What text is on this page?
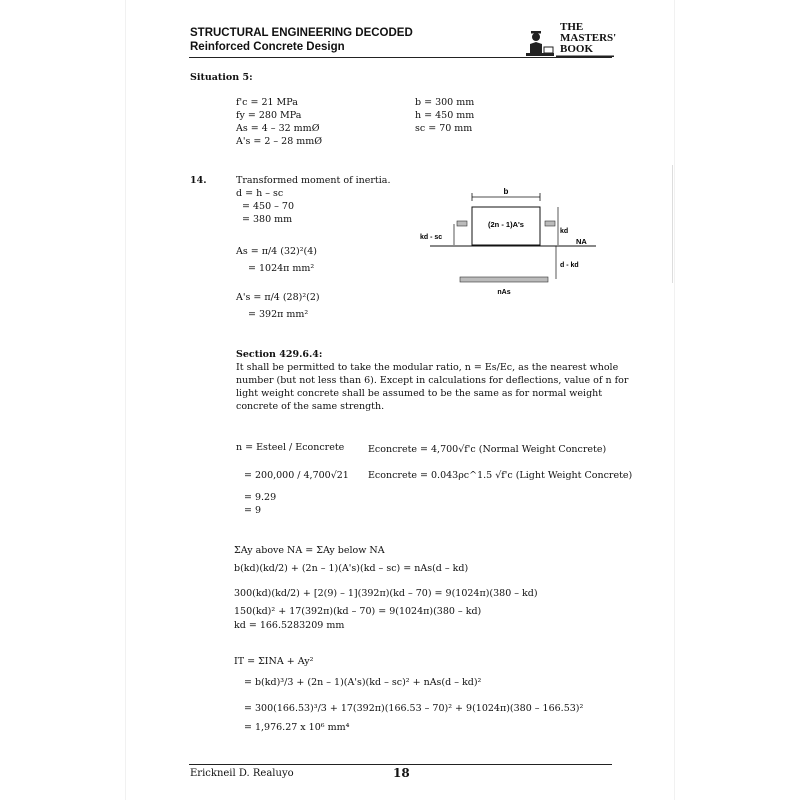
STRUCTURAL ENGINEERING DECODED
Reinforced Concrete Design
THE
MASTERS'
BOOK
Situation 5:
f'c = 21 MPa
fy = 280 MPa
As = 4 – 32 mmØ
A's = 2 – 28 mmØ
b = 300 mm
h = 450 mm
sc = 70 mm
14.	Transformed moment of inertia.
d = h – sc
= 450 – 70
= 380 mm
As = π/4 (32)²(4)
= 1024π mm²
A's = π/4 (28)²(2)
= 392π mm²
b
(2n - 1)A's
kd - sc
kd
NA
d - kd
nAs
Section 429.6.4:
It shall be permitted to take the modular ratio, n = Es/Ec, as the nearest whole
number (but not less than 6). Except in calculations for deflections, value of n for
light weight concrete shall be assumed to be the same as for normal weight
concrete of the same strength.
n = Esteel / Econcrete
= 200,000 / 4,700√21
= 9.29
= 9
Econcrete = 4,700√f'c (Normal Weight Concrete)
Econcrete = 0.043ρc^1.5 √f'c (Light Weight Concrete)
ΣAy above NA = ΣAy below NA
b(kd)(kd/2) + (2n – 1)(A's)(kd – sc) = nAs(d – kd)
300(kd)(kd/2) + [2(9) – 1](392π)(kd – 70) = 9(1024π)(380 – kd)
150(kd)² + 17(392π)(kd – 70) = 9(1024π)(380 – kd)
kd = 166.5283209 mm
IT = ΣINA + Ay²
= b(kd)³/3 + (2n – 1)(A's)(kd – sc)² + nAs(d – kd)²
= 300(166.53)³/3 + 17(392π)(166.53 – 70)² + 9(1024π)(380 – 166.53)²
= 1,976.27 x 10⁶ mm⁴
Erickneil D. Realuyo	18
